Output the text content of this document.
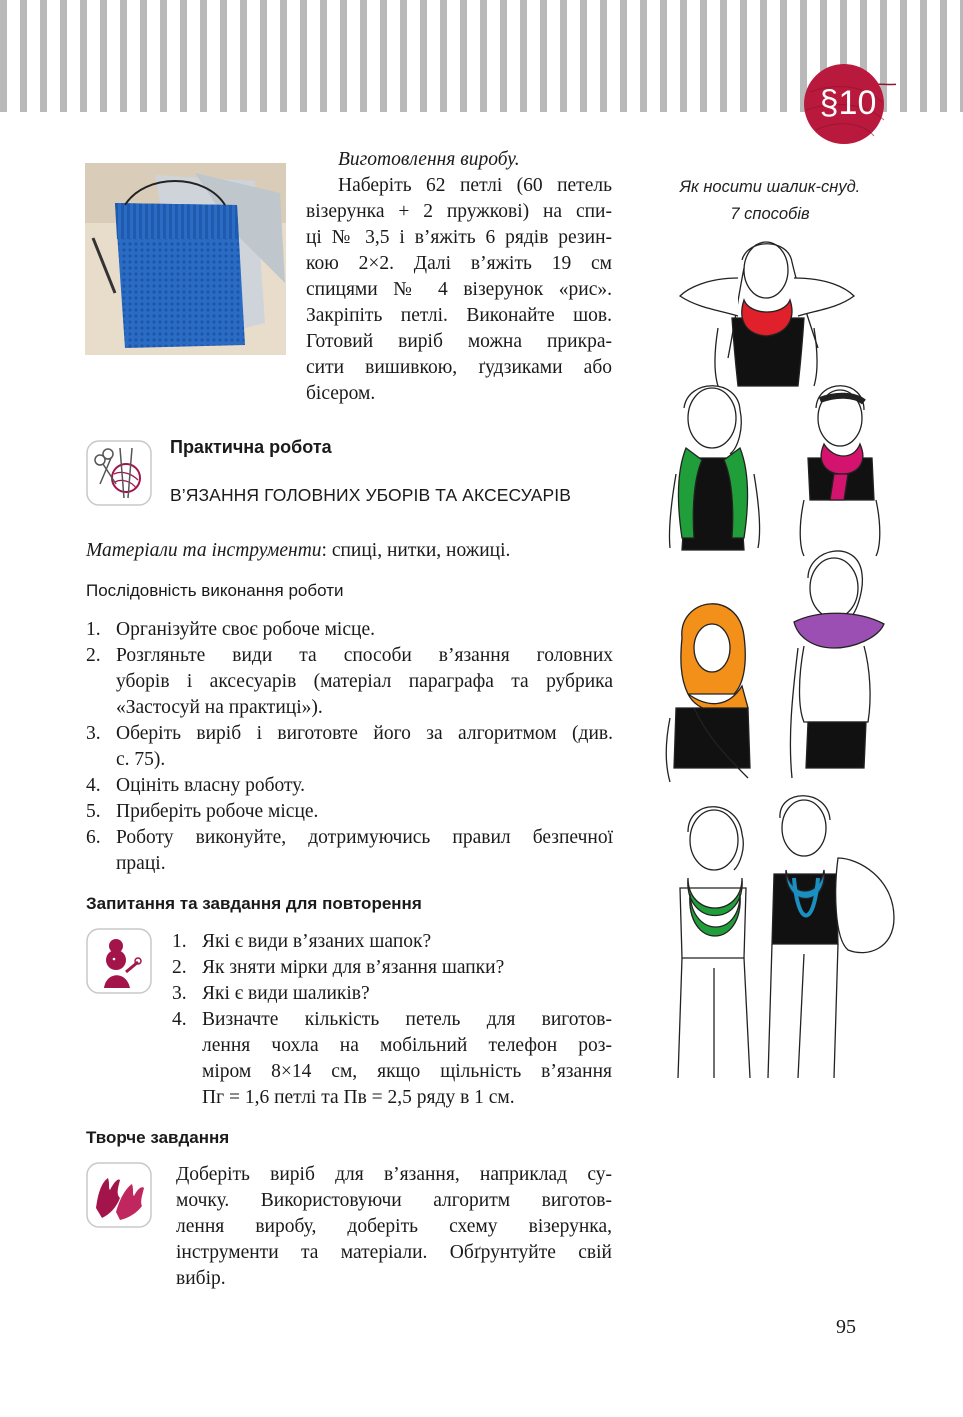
§10
Виготовлення виробу.
Наберіть 62 петлі (60 петель
візерунка + 2 пружкові) на спи-
ці № 3,5 і в’яжіть 6 рядів резин-
кою 2×2. Далі в’яжіть 19 см
спицями № 4 візерунок «рис».
Закріпіть петлі. Виконайте шов.
Готовий виріб можна прикра-
сити вишивкою, ґудзиками або
бісером.
Як носити шалик-снуд.
7 способів
Практична робота
В’ЯЗАННЯ ГОЛОВНИХ УБОРІВ ТА АКСЕСУАРІВ
Матеріали та інструменти: спиці, нитки, ножиці.
Послідовність виконання роботи
1. Організуйте своє робоче місце.
2. Розгляньте види та способи в’язання головних
уборів і аксесуарів (матеріал параграфа та рубрика
«Застосуй на практиці»).
3. Оберіть виріб і виготовте його за алгоритмом (див.
с. 75).
4. Оцініть власну роботу.
5. Приберіть робоче місце.
6. Роботу виконуйте, дотримуючись правил безпечної
праці.
Запитання та завдання для повторення
1. Які є види в’язаних шапок?
2. Як зняти мірки для в’язання шапки?
3. Які є види шаликів?
4. Визначте кількість петель для виготов-
лення чохла на мобільний телефон роз-
міром 8×14 см, якщо щільність в’язання
Пг = 1,6 петлі та Пв = 2,5 ряду в 1 см.
Творче завдання
Доберіть виріб для в’язання, наприклад су-
мочку. Використовуючи алгоритм виготов-
лення виробу, доберіть схему візерунка,
інструменти та матеріали. Обґрунтуйте свій
вибір.
95
